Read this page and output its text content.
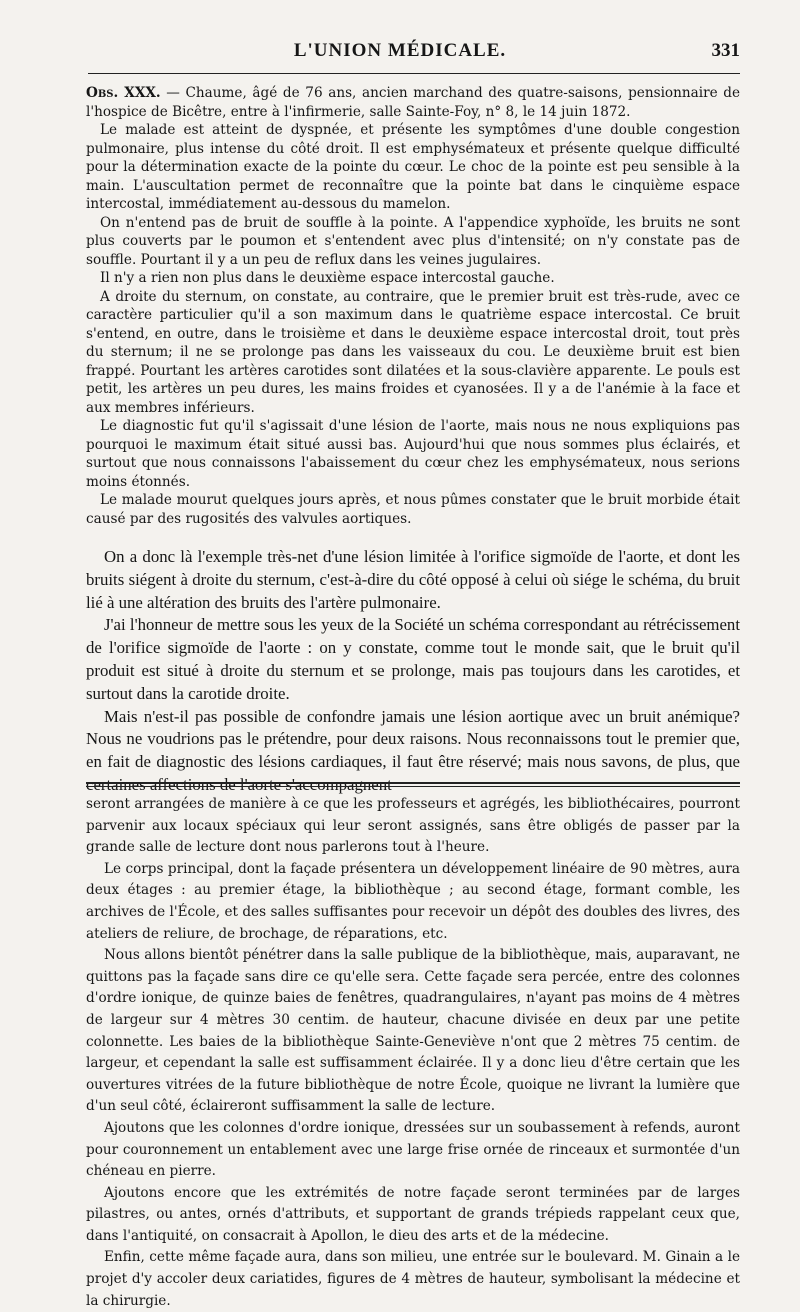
L'UNION MÉDICALE.	331

Obs. XXX. — Chaume, âgé de 76 ans, ancien marchand des quatre-saisons, pensionnaire de l'hospice de Bicêtre, entre à l'infirmerie, salle Sainte-Foy, n° 8, le 14 juin 1872.

Le malade est atteint de dyspnée, et présente les symptômes d'une double congestion pulmonaire, plus intense du côté droit. Il est emphysémateux et présente quelque difficulté pour la détermination exacte de la pointe du cœur. Le choc de la pointe est peu sensible à la main. L'auscultation permet de reconnaître que la pointe bat dans le cinquième espace intercostal, immédiatement au-dessous du mamelon.

On n'entend pas de bruit de souffle à la pointe. A l'appendice xyphoïde, les bruits ne sont plus couverts par le poumon et s'entendent avec plus d'intensité; on n'y constate pas de souffle. Pourtant il y a un peu de reflux dans les veines jugulaires.

Il n'y a rien non plus dans le deuxième espace intercostal gauche.

A droite du sternum, on constate, au contraire, que le premier bruit est très-rude, avec ce caractère particulier qu'il a son maximum dans le quatrième espace intercostal. Ce bruit s'entend, en outre, dans le troisième et dans le deuxième espace intercostal droit, tout près du sternum; il ne se prolonge pas dans les vaisseaux du cou. Le deuxième bruit est bien frappé. Pourtant les artères carotides sont dilatées et la sous-clavière apparente. Le pouls est petit, les artères un peu dures, les mains froides et cyanosées. Il y a de l'anémie à la face et aux membres inférieurs.

Le diagnostic fut qu'il s'agissait d'une lésion de l'aorte, mais nous ne nous expliquions pas pourquoi le maximum était situé aussi bas. Aujourd'hui que nous sommes plus éclairés, et surtout que nous connaissons l'abaissement du cœur chez les emphysémateux, nous serions moins étonnés.

Le malade mourut quelques jours après, et nous pûmes constater que le bruit morbide était causé par des rugosités des valvules aortiques.

On a donc là l'exemple très-net d'une lésion limitée à l'orifice sigmoïde de l'aorte, et dont les bruits siégent à droite du sternum, c'est-à-dire du côté opposé à celui où siége le schéma, du bruit lié à une altération des bruits des l'artère pulmonaire.

J'ai l'honneur de mettre sous les yeux de la Société un schéma correspondant au rétrécissement de l'orifice sigmoïde de l'aorte : on y constate, comme tout le monde sait, que le bruit qu'il produit est situé à droite du sternum et se prolonge, mais pas toujours dans les carotides, et surtout dans la carotide droite.

Mais n'est-il pas possible de confondre jamais une lésion aortique avec un bruit anémique? Nous ne voudrions pas le prétendre, pour deux raisons. Nous reconnaissons tout le premier que, en fait de diagnostic des lésions cardiaques, il faut être réservé; mais nous savons, de plus, que certaines affections de l'aorte s'accompagnent

seront arrangées de manière à ce que les professeurs et agrégés, les bibliothécaires, pourront parvenir aux locaux spéciaux qui leur seront assignés, sans être obligés de passer par la grande salle de lecture dont nous parlerons tout à l'heure.

Le corps principal, dont la façade présentera un développement linéaire de 90 mètres, aura deux étages : au premier étage, la bibliothèque ; au second étage, formant comble, les archives de l'École, et des salles suffisantes pour recevoir un dépôt des doubles des livres, des ateliers de reliure, de brochage, de réparations, etc.

Nous allons bientôt pénétrer dans la salle publique de la bibliothèque, mais, auparavant, ne quittons pas la façade sans dire ce qu'elle sera. Cette façade sera percée, entre des colonnes d'ordre ionique, de quinze baies de fenêtres, quadrangulaires, n'ayant pas moins de 4 mètres de largeur sur 4 mètres 30 centim. de hauteur, chacune divisée en deux par une petite colonnette. Les baies de la bibliothèque Sainte-Geneviève n'ont que 2 mètres 75 centim. de largeur, et cependant la salle est suffisamment éclairée. Il y a donc lieu d'être certain que les ouvertures vitrées de la future bibliothèque de notre École, quoique ne livrant la lumière que d'un seul côté, éclaireront suffisamment la salle de lecture.

Ajoutons que les colonnes d'ordre ionique, dressées sur un soubassement à refends, auront pour couronnement un entablement avec une large frise ornée de rinceaux et surmontée d'un chéneau en pierre.

Ajoutons encore que les extrémités de notre façade seront terminées par de larges pilastres, ou antes, ornés d'attributs, et supportant de grands trépieds rappelant ceux que, dans l'antiquité, on consacrait à Apollon, le dieu des arts et de la médecine.

Enfin, cette même façade aura, dans son milieu, une entrée sur le boulevard. M. Ginain a le projet d'y accoler deux cariatides, figures de 4 mètres de hauteur, symbolisant la médecine et la chirurgie.
